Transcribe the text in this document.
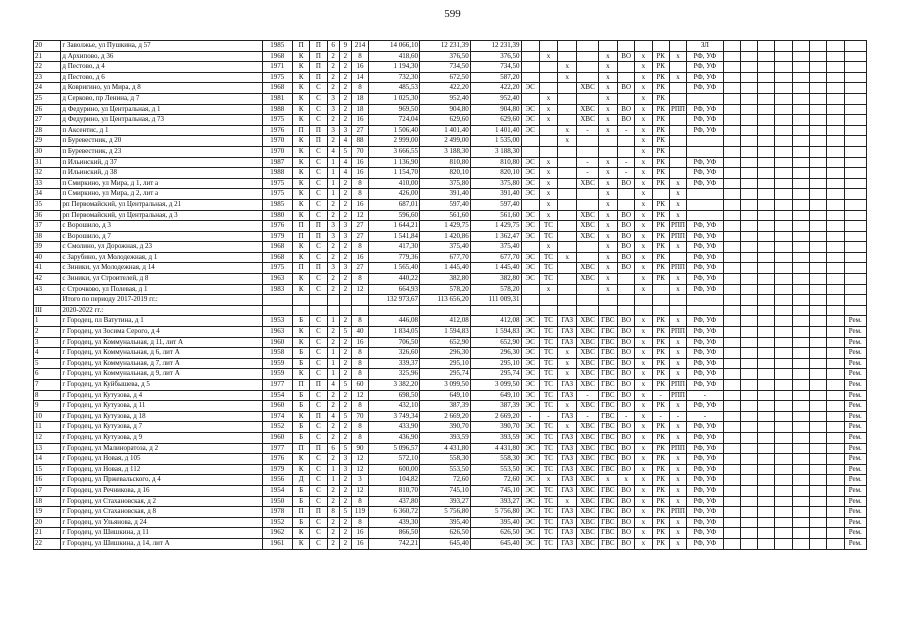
599
20	г Заволжье, ул Пушкина, д 57	1985	П	П	6	9	214	14 066,10	12 231,39	12 231,39										ЗЛ								
21	д Архипово, д 36	1968	К	П	2	2	8	418,60	376,50	376,50		х			х	ВО	х	РК	х	РФ, УФ								
22	д Пестово, д 4	1971	К	П	2	2	16	1 194,30	734,50	734,50			х		х		х	РК		РФ, УФ								
23	д Пестово, д 6	1975	К	П	2	2	14	732,30	672,50	587,20			х		х		х	РК	х	РФ, УФ								
24	д Ковригино, ул Мира, д 8	1968	К	С	2	2	8	485,53	422,20	422,20	ЭС			ХВС	х	ВО	х	РК		РФ, УФ								
25	д Серково, пр Ленина, д 7	1981	К	С	3	2	18	1 025,30	952,40	952,40		х			х		х	РК										
26	д Федурино, ул Центральная, д 1	1988	К	С	3	2	18	969,50	904,80	904,80	ЭС	х		ХВС	х	ВО	х	РК	РПП	РФ, УФ								
27	д Федурино, ул Центральная, д 73	1975	К	С	2	2	16	724,04	629,60	629,60	ЭС	х		ХВС	х	ВО	х	РК		РФ, УФ								
28	п Аксентис, д 1	1976	П	П	3	3	27	1 506,40	1 401,40	1 401,40	ЭС		х	-	х	-	х	РК		РФ, УФ								
29	п Буревестник, д 20	1970	К	П	2	4	88	2 999,00	2 499,00	1 535,00			х				х	РК										
30	п Буревестник, д 23	1970	К	С	4	5	70	3 666,55	3 188,30	3 188,30							х	РК										
31	п Ильинский, д 37	1987	К	С	1	4	16	1 136,90	810,80	810,80	ЭС	х		-	х	-	х	РК		РФ, УФ								
32	п Ильинский, д 38	1988	К	С	1	4	16	1 154,70	820,10	820,10	ЭС	х		-	х	-	х	РК		РФ, УФ								
33	п Смиркино, ул Мира, д 1, лит а	1975	К	С	1	2	8	410,00	375,80	375,80	ЭС	х		ХВС	х	ВО	х	РК	х	РФ, УФ								
34	п Смиркино, ул Мира, д 2, лит а	1975	К	С	1	2	8	426,00	391,40	391,40	ЭС	х			х		х		х									
35	рп Первомайский, ул Центральная, д 21	1985	К	С	2	2	16	687,01	597,40	597,40		х			х		х	РК	х									
36	рп Первомайский, ул Центральная, д 3	1980	К	С	2	2	12	596,60	561,60	561,60	ЭС	х		ХВС	х	ВО	х	РК	х									
37	с Ворошило, д 3	1976	П	П	3	3	27	1 644,21	1 429,75	1 429,75	ЭС	ТС		ХВС	х	ВО	х	РК	РПП	РФ, УФ								
38	с Ворошило, д 7	1979	П	П	3	3	27	1 541,84	1 420,86	1 362,47	ЭС	ТС		ХВС	х	ВО	х	РК	РПП	РФ, УФ								
39	с Смолино, ул Дорожная, д 23	1968	К	С	2	2	8	417,30	375,40	375,40		х			х	ВО	х	РК	х	РФ, УФ								
40	с Зарубино, ул Молодежная, д 1	1968	К	С	2	2	16	779,36	677,70	677,70	ЭС	ТС	х		х	ВО	х	РК		РФ, УФ								
41	с Зиники, ул Молодежная, д 14	1975	П	П	3	3	27	1 565,40	1 445,40	1 445,40	ЭС	ТС		ХВС	х	ВО	х	РК	РПП	РФ, УФ								
42	с Зиники, ул Строителей, д 8	1963	К	С	2	2	8	440,22	382,80	382,80	ЭС	ТС		ХВС	х		х	РК	х	РФ, УФ								
43	с Строчково, ул Полевая, д 1	1983	К	С	2	2	12	664,93	578,20	578,20		х			х		х		х	РФ, УФ								
	Итого по периоду 2017-2019 гг.:							132 973,67	113 656,20	111 009,31																		
III	2020-2022 гг.:																											
1	г Городец, пл Ватутина, д 1	1953	Б	С	1	2	8	446,08	412,08	412,08	ЭС	ТС	ГАЗ	ХВС	ГВС	ВО	х	РК	х	РФ, УФ								Рем.
2	г Городец, ул Зосима Серого, д 4	1963	К	С	2	5	40	1 834,05	1 594,83	1 594,83	ЭС	ТС	ГАЗ	ХВС	ГВС	ВО	х	РК	РПП	РФ, УФ								Рем.
3	г Городец, ул Коммунальная, д 11, лит А	1960	К	С	2	2	16	706,50	652,90	652,90	ЭС	ТС	ГАЗ	ХВС	ГВС	ВО	х	РК	х	РФ, УФ								Рем.
4	г Городец, ул Коммунальная, д 6, лит А	1958	Б	С	1	2	8	326,60	296,30	296,30	ЭС	ТС	х	ХВС	ГВС	ВО	х	РК	х	РФ, УФ								Рем.
5	г Городец, ул Коммунальная, д 7, лит А	1959	Б	С	1	2	8	339,37	295,10	295,10	ЭС	ТС	х	ХВС	ГВС	ВО	х	РК	х	РФ, УФ								Рем.
6	г Городец, ул Коммунальная, д 9, лит А	1959	К	С	1	2	8	325,96	295,74	295,74	ЭС	ТС	х	ХВС	ГВС	ВО	х	РК	х	РФ, УФ								Рем.
7	г Городец, ул Куйбышева, д 5	1977	П	П	4	5	60	3 382,20	3 099,50	3 099,50	ЭС	ТС	ГАЗ	ХВС	ГВС	ВО	х	РК	РПП	РФ, УФ								Рем.
8	г Городец, ул Кутузова, д 4	1954	Б	С	2	2	12	698,50	649,10	649,10	ЭС	ТС	ГАЗ	-	ГВС	ВО	х	-	РПП	-								Рем.
9	г Городец, ул Кутузова, д 11	1960	Б	С	2	2	8	432,10	387,39	387,39	ЭС	ТС	х	ХВС	ГВС	ВО	х	РК	х	РФ, УФ								Рем.
10	г Городец, ул Кутузова, д 18	1974	К	П	4	5	70	3 749,34	2 669,20	2 669,20	-	-	ГАЗ	-	ГВС	-	х	-	-	-								Рем.
11	г Городец, ул Кутузова, д 7	1952	Б	С	2	2	8	433,90	390,70	390,70	ЭС	ТС	х	ХВС	ГВС	ВО	х	РК	х	РФ, УФ								Рем.
12	г Городец, ул Кутузова, д 9	1960	Б	С	2	2	8	436,90	393,59	393,59	ЭС	ТС	ГАЗ	ХВС	ГВС	ВО	х	РК	х	РФ, УФ								Рем.
13	г Городец, ул Малиноратоза, д 2	1977	П	П	6	5	90	5 096,57	4 431,80	4 431,80	ЭС	ТС	ГАЗ	ХВС	ГВС	ВО	х	РК	РПП	РФ, УФ								Рем.
14	г Городец, ул Новая, д 105	1976	К	С	2	3	12	572,10	558,30	558,30	ЭС	ТС	ГАЗ	ХВС	ГВС	ВО	х	РК	х	РФ, УФ								Рем.
15	г Городец, ул Новая, д 112	1979	К	С	1	3	12	600,00	553,50	553,50	ЭС	ТС	ГАЗ	ХВС	ГВС	ВО	х	РК	х	РФ, УФ								Рем.
16	г Городец, ул Пржевальского, д 4	1956	Д	С	1	2	3	104,82	72,60	72,60	ЭС	х	ГАЗ	ХВС	х	х	х	РК	х	РФ, УФ								Рем.
17	г Городец, ул Речникова, д 16	1954	Б	С	2	2	12	810,70	745,10	745,10	ЭС	ТС	ГАЗ	ХВС	ГВС	ВО	х	РК	х	РФ, УФ								Рем.
18	г Городец, ул Стахановская, д 2	1950	Б	С	2	2	8	437,80	393,27	393,27	ЭС	ТС	х	ХВС	ГВС	ВО	х	РК	х	РФ, УФ								Рем.
19	г Городец, ул Стахановская, д 8	1978	П	П	8	5	119	6 360,72	5 756,80	5 756,80	ЭС	ТС	ГАЗ	ХВС	ГВС	ВО	х	РК	РПП	РФ, УФ								Рем.
20	г Городец, ул Ульянова, д 24	1952	Б	С	2	2	8	439,30	395,40	395,40	ЭС	ТС	ГАЗ	ХВС	ГВС	ВО	х	РК	х	РФ, УФ								Рем.
21	г Городец, ул Шишкина, д 11	1962	К	С	2	2	16	866,50	626,50	626,50	ЭС	ТС	ГАЗ	ХВС	ГВС	ВО	х	РК	х	РФ, УФ								Рем.
22	г Городец, ул Шишкина, д 14, лит А	1961	К	С	2	2	16	742,21	645,40	645,40	ЭС	ТС	ГАЗ	ХВС	ГВС	ВО	х	РК	х	РФ, УФ								Рем.
